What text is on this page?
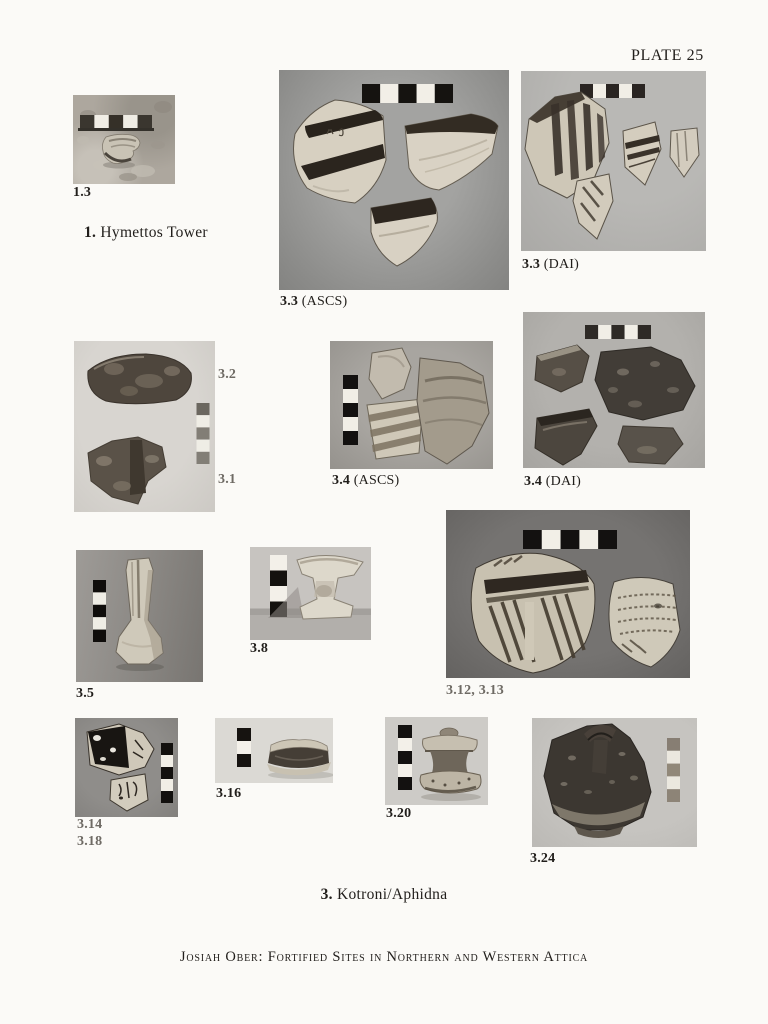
PLATE 25
1.3
1. Hymettos Tower
3.3 (ASCS)
3.3 (DAI)
3.2
3.1	3.4 (ASCS)	3.4 (DAI)
3.5
3.8
3.12, 3.13
3.14
3.18
3.16
3.20
3.24
3. Kotroni/Aphidna
Josiah Ober: Fortified Sites in Northern and Western Attica
